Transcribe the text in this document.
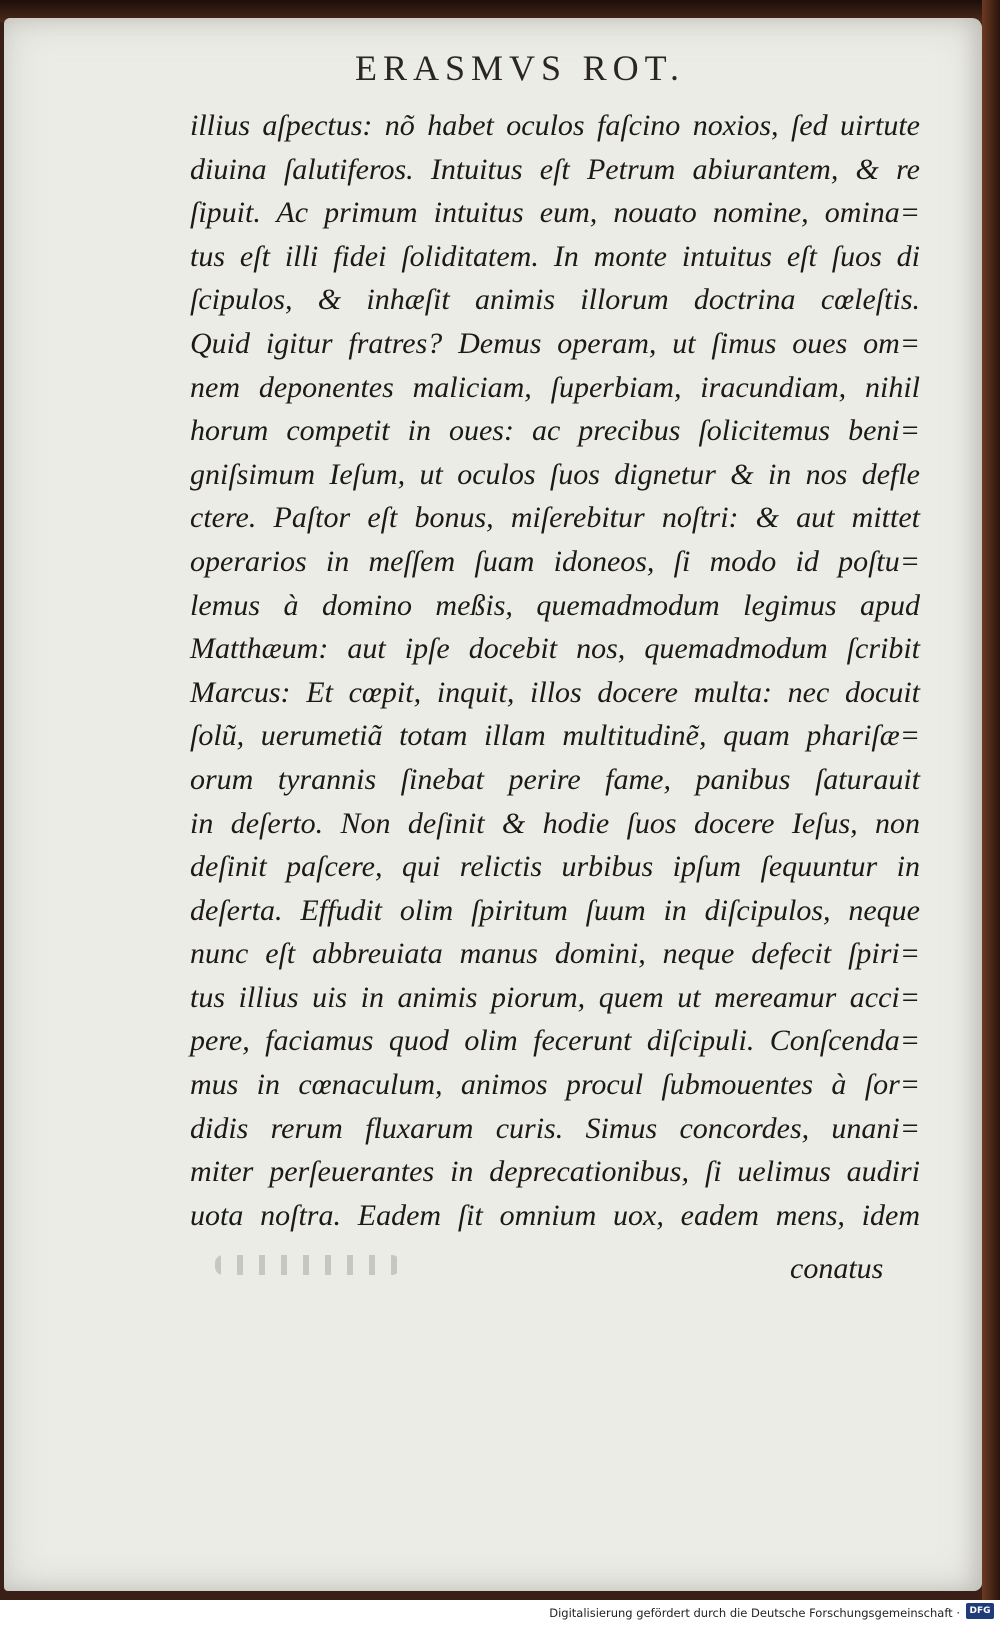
ERASMVS ROT.
illius aſpectus: nõ habet oculos faſcino noxios, ſed uirtute
diuina ſalutiferos. Intuitus eſt Petrum abiurantem, & re
ſipuit. Ac primum intuitus eum, nouato nomine, omina=
tus eſt illi fidei ſoliditatem. In monte intuitus eſt ſuos di
ſcipulos, & inhæſit animis illorum doctrina cœleſtis.
Quid igitur fratres? Demus operam, ut ſimus oues om=
nem deponentes maliciam, ſuperbiam, iracundiam, nihil
horum competit in oues: ac precibus ſolicitemus beni=
gniſsimum Ieſum, ut oculos ſuos dignetur & in nos defle
ctere. Paſtor eſt bonus, miſerebitur noſtri: & aut mittet
operarios in meſſem ſuam idoneos, ſi modo id poſtu=
lemus à domino meßis, quemadmodum legimus apud
Matthæum: aut ipſe docebit nos, quemadmodum ſcribit
Marcus: Et cœpit, inquit, illos docere multa: nec docuit
ſolũ, uerumetiã totam illam multitudinẽ, quam phariſæ=
orum tyrannis ſinebat perire fame, panibus ſaturauit
in deſerto. Non deſinit & hodie ſuos docere Ieſus, non
deſinit paſcere, qui relictis urbibus ipſum ſequuntur in
deſerta. Effudit olim ſpiritum ſuum in diſcipulos, neque
nunc eſt abbreuiata manus domini, neque defecit ſpiri=
tus illius uis in animis piorum, quem ut mereamur acci=
pere, faciamus quod olim fecerunt diſcipuli. Conſcenda=
mus in cœnaculum, animos procul ſubmouentes à ſor=
didis rerum fluxarum curis. Simus concordes, unani=
miter perſeuerantes in deprecationibus, ſi uelimus audiri
uota noſtra. Eadem ſit omnium uox, eadem mens, idem
conatus
Digitalisierung gefördert durch die Deutsche Forschungsgemeinschaft ·	DFG
